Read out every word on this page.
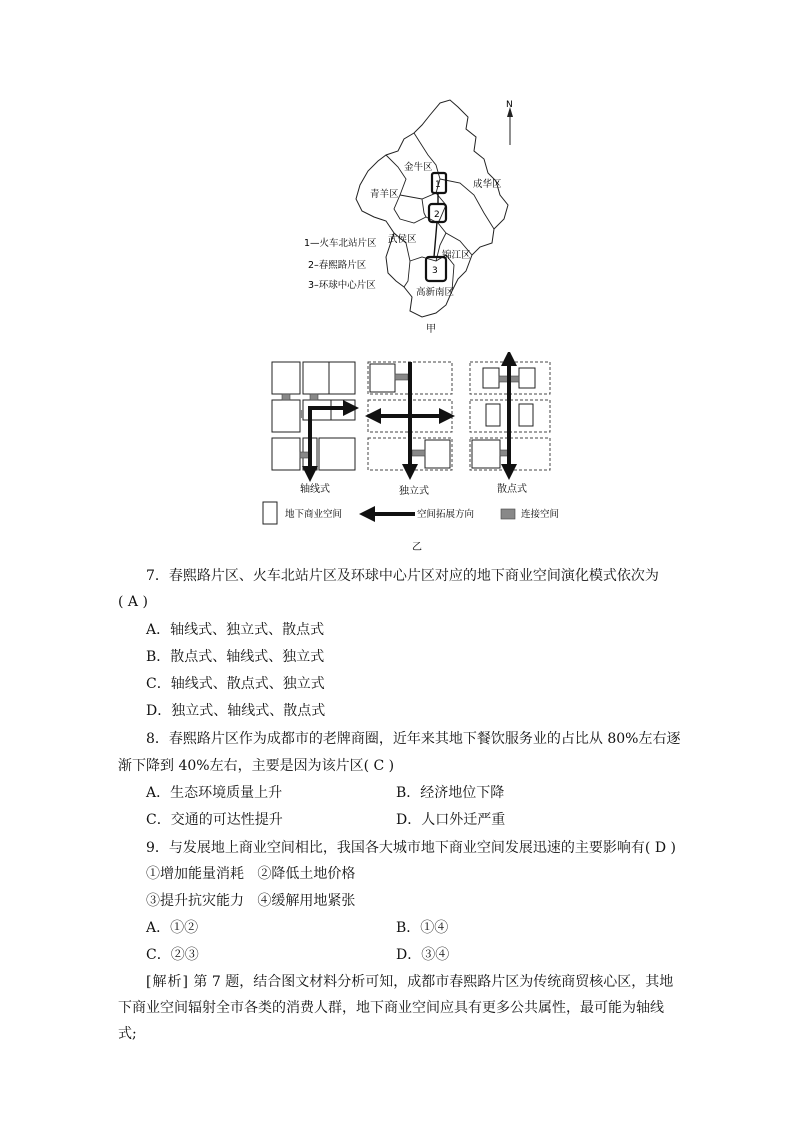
N
1
2
3
金牛区
成华区
青羊区
武侯区
锦江区
高新南区
1—火车北站片区
2–春熙路片区
3–环球中心片区
甲
轴线式	独立式	散点式
地下商业空间	空间拓展方向	连接空间
乙
7．春熙路片区、火车北站片区及环球中心片区对应的地下商业空间演化模式依次为
( A )
A．轴线式、独立式、散点式
B．散点式、轴线式、独立式
C．轴线式、散点式、独立式
D．独立式、轴线式、散点式
8．春熙路片区作为成都市的老牌商圈，近年来其地下餐饮服务业的占比从 80%左右逐
渐下降到 40%左右，主要是因为该片区( C )
A．生态环境质量上升	B．经济地位下降
C．交通的可达性提升	D．人口外迁严重
9．与发展地上商业空间相比，我国各大城市地下商业空间发展迅速的主要影响有( D )
①增加能量消耗   ②降低土地价格
③提升抗灾能力   ④缓解用地紧张
A．①②	B．①④
C．②③	D．③④
[解析] 第 7 题，结合图文材料分析可知，成都市春熙路片区为传统商贸核心区，其地下商业空间辐射全市各类的消费人群，地下商业空间应具有更多公共属性，最可能为轴线式;
